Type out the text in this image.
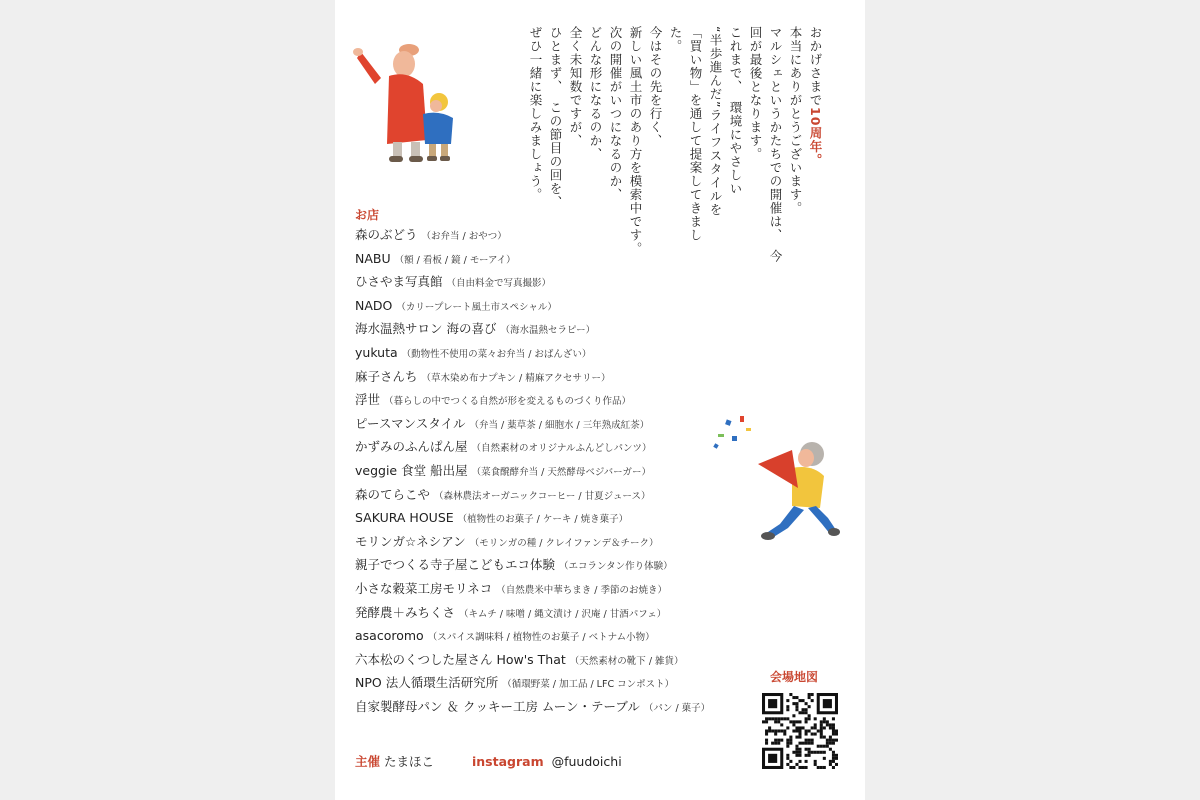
おかげさまで10周年。
本当にありがとうございます。
マルシェというかたちでの開催は、　今回が最後となります。
これまで、　環境にやさしい
“半歩進んだ”ライフスタイルを
「買い物」を通して提案してきました。
今はその先を行く、
新しい風土市のあり方を模索中です。
次の開催がいつになるのか、
どんな形になるのか、
全く未知数ですが、
ひとまず、　この節目の回を、
ぜひ一緒に楽しみましょう。
お店
森のぶどう （お弁当 / おやつ）
NABU （額 / 看板 / 鏡 / モーアイ）
ひさやま写真館 （自由料金で写真撮影）
NADO （カリープレート風土市スペシャル）
海水温熱サロン 海の喜び （海水温熱セラピー）
yukuta （動物性不使用の菜々お弁当 / おばんざい）
麻子さんち （草木染め布ナプキン / 精麻アクセサリー）
浮世 （暮らしの中でつくる自然が形を変えるものづくり作品）
ピースマンスタイル （弁当 / 薬草茶 / 細胞水 / 三年熟成紅茶）
かずみのふんぱん屋 （自然素材のオリジナルふんどしパンツ）
veggie 食堂 船出屋 （菜食醗酵弁当 / 天然酵母ベジバーガー）
森のてらこや （森林農法オーガニックコーヒー / 甘夏ジュース）
SAKURA HOUSE （植物性のお菓子 / ケーキ / 焼き菓子）
モリンガ☆ネシアン （モリンガの種 / クレイファンデ＆チーク）
親子でつくる寺子屋こどもエコ体験 （エコランタン作り体験）
小さな穀菜工房モリネコ （自然農米中華ちまき / 季節のお焼き）
発酵農＋みちくさ （キムチ / 味噌 / 縄文漬け / 沢庵 / 甘酒パフェ）
asacoromo （スパイス調味料 / 植物性のお菓子 / ベトナム小物）
六本松のくつした屋さん How's That （天然素材の靴下 / 雑貨）
NPO 法人循環生活研究所 （循環野菜 / 加工品 / LFC コンポスト）
自家製酵母パン ＆ クッキー工房 ムーン・テーブル （パン / 菓子）
主催 たまほこ	instagram @fuudoichi
会場地図
